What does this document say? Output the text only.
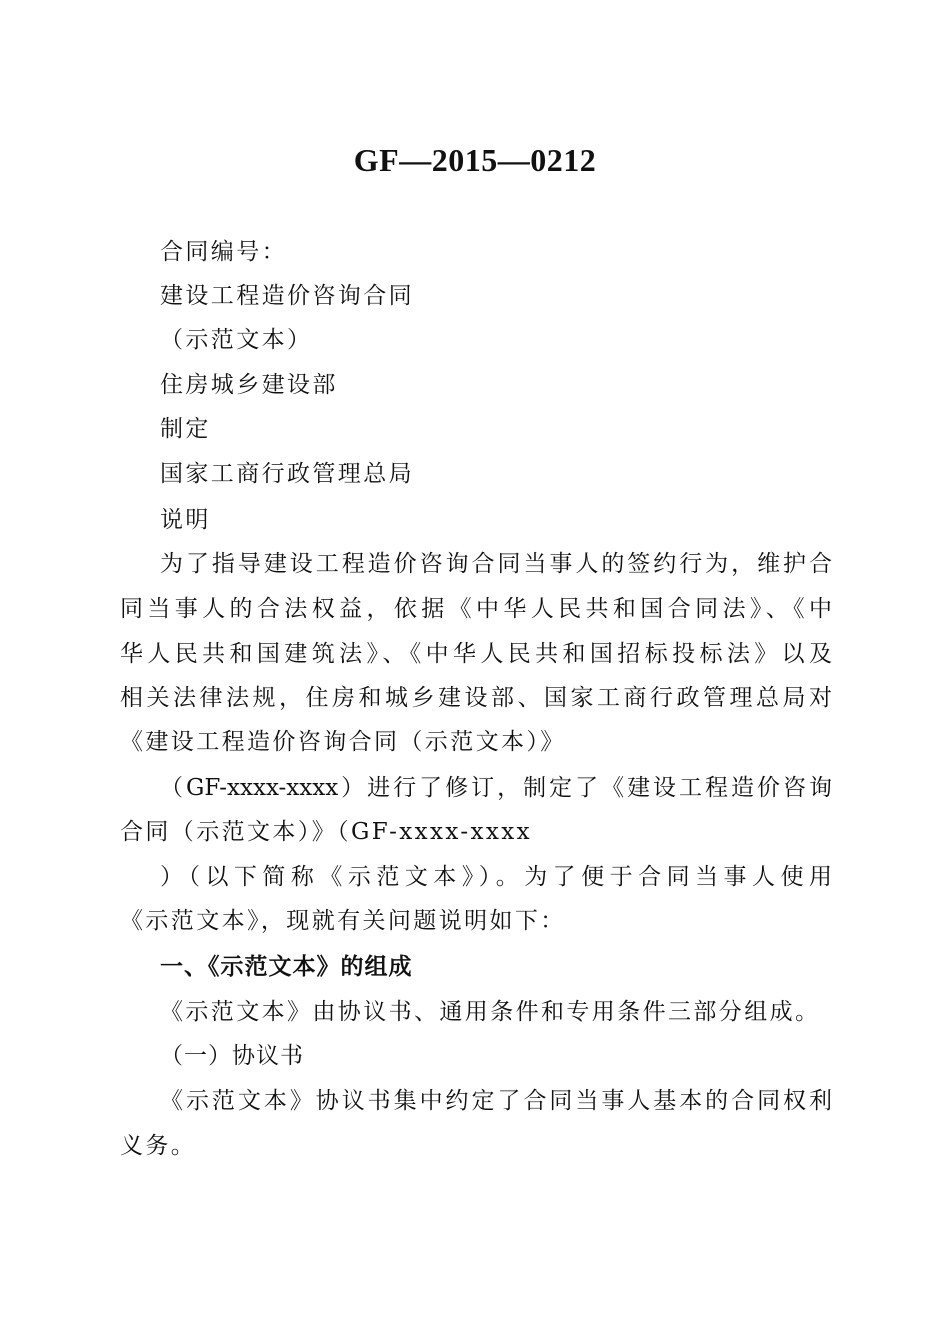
GF—2015—0212
合同编号：
建设工程造价咨询合同
（示范文本）
住房城乡建设部
制定
国家工商行政管理总局
说明
为了指导建设工程造价咨询合同当事人的签约行为，维护合
同当事人的合法权益，依据《中华人民共和国合同法》、《中
华人民共和国建筑法》、《中华人民共和国招标投标法》以及
相关法律法规，住房和城乡建设部、国家工商行政管理总局对
《建设工程造价咨询合同（示范文本）》
（GF-xxxx-xxxx）进行了修订，制定了《建设工程造价咨询
合同（示范文本）》（GF-xxxx-xxxx
）（以下简称《示范文本》）。为了便于合同当事人使用
《示范文本》，现就有关问题说明如下：
一、《示范文本》的组成
《示范文本》由协议书、通用条件和专用条件三部分组成。
（一）协议书
《示范文本》协议书集中约定了合同当事人基本的合同权利
义务。
